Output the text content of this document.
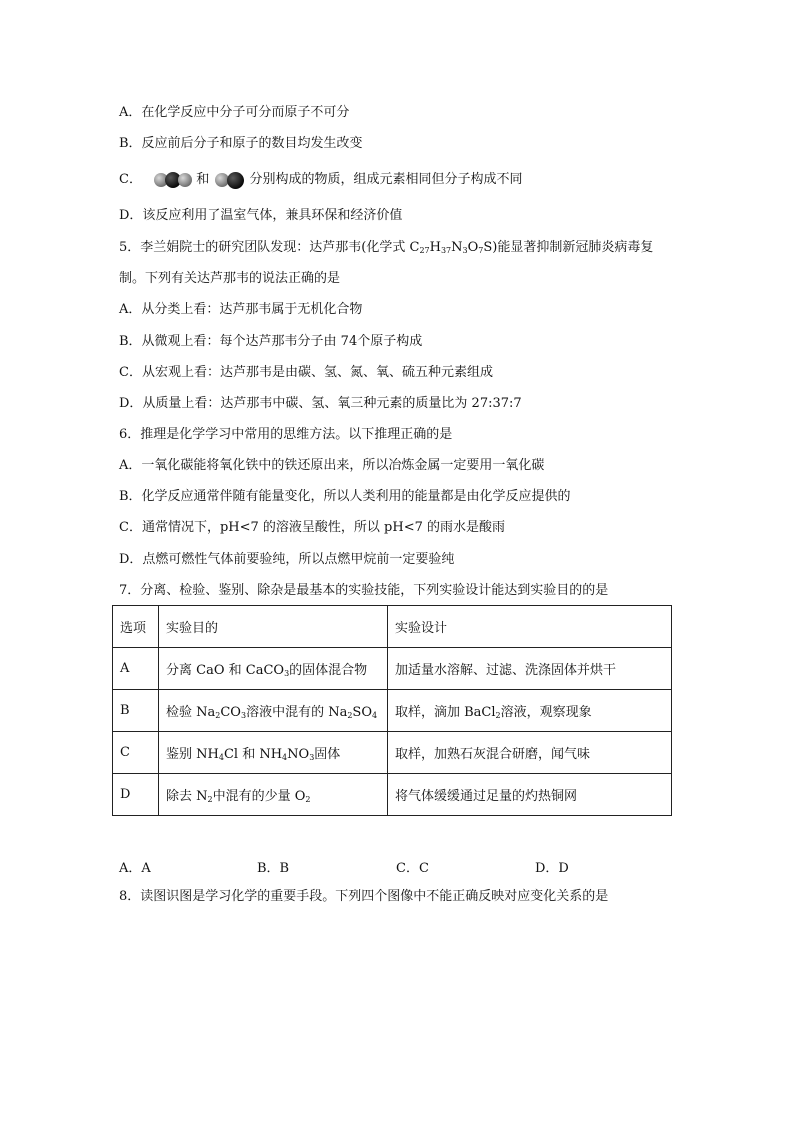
A．在化学反应中分子可分而原子不可分
B．反应前后分子和原子的数目均发生改变
C．	和	分别构成的物质，组成元素相同但分子构成不同
D．该反应利用了温室气体，兼具环保和经济价值
5．李兰娟院士的研究团队发现：达芦那韦(化学式 $C_{27}H_{37}N_3O_7S$)能显著抑制新冠肺炎病毒复
制。下列有关达芦那韦的说法正确的是
A．从分类上看：达芦那韦属于无机化合物
B．从微观上看：每个达芦那韦分子由 74个原子构成
C．从宏观上看：达芦那韦是由碳、氢、氮、氧、硫五种元素组成
D．从质量上看：达芦那韦中碳、氢、氧三种元素的质量比为 27:37:7
6．推理是化学学习中常用的思维方法。以下推理正确的是
A．一氧化碳能将氧化铁中的铁还原出来，所以冶炼金属一定要用一氧化碳
B．化学反应通常伴随有能量变化，所以人类利用的能量都是由化学反应提供的
C．通常情况下，pH<7 的溶液呈酸性，所以 pH<7 的雨水是酸雨
D．点燃可燃性气体前要验纯，所以点燃甲烷前一定要验纯
7．分离、检验、鉴别、除杂是最基本的实验技能，下列实验设计能达到实验目的的是
选项	实验目的	实验设计
A	分离 CaO 和 CaCO$_3$的固体混合物	加适量水溶解、过滤、洗涤固体并烘干
B	检验 $Na_2CO_3$溶液中混有的 $Na_2SO_4$	取样，滴加 BaCl$_2$溶液，观察现象
C	鉴别 $NH_4Cl$ 和 $NH_4NO_3$固体	取样，加熟石灰混合研磨，闻气味
D	除去 $N_2$中混有的少量 $O_2$	将气体缓缓通过足量的灼热铜网
A．A	B．B	C．C	D．D
8．读图识图是学习化学的重要手段。下列四个图像中不能正确反映对应变化关系的是
